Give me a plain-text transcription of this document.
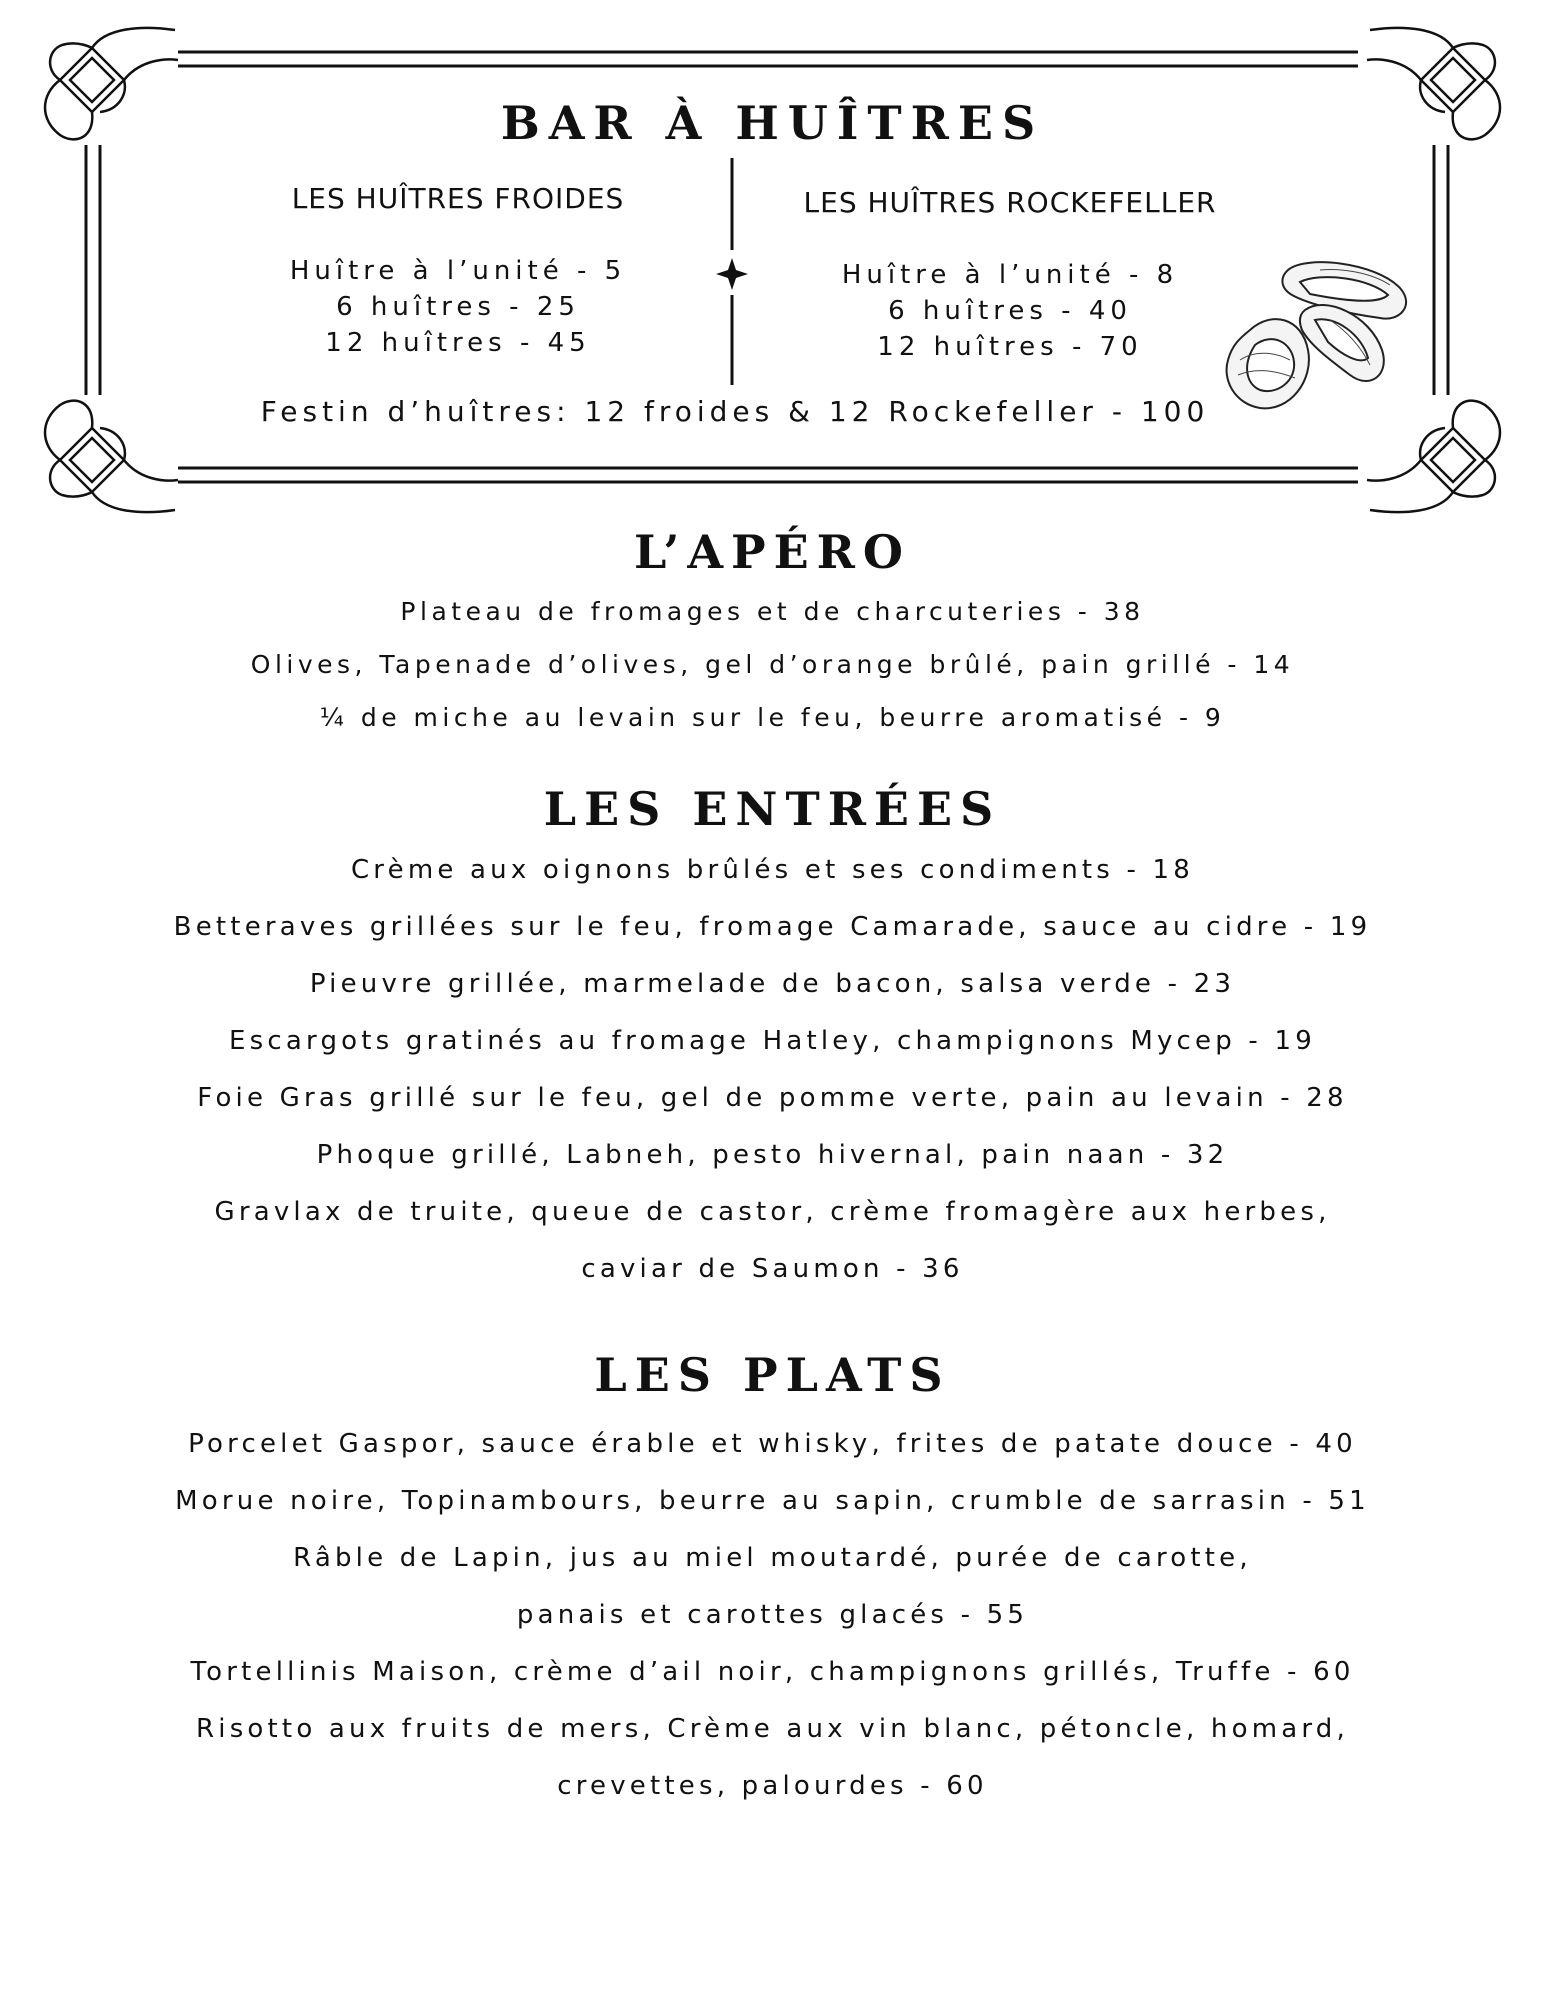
BAR À HUÎTRES
LES HUÎTRES FROIDES
Huître à l’unité - 5
6 huîtres - 25
12 huîtres - 45
LES HUÎTRES ROCKEFELLER
Huître à l’unité - 8
6 huîtres - 40
12 huîtres - 70
Festin d’huîtres: 12 froides & 12 Rockefeller - 100
L’APÉRO
Plateau de fromages et de charcuteries - 38
Olives, Tapenade d’olives, gel d’orange brûlé, pain grillé - 14
¼ de miche au levain sur le feu, beurre aromatisé - 9
LES ENTRÉES
Crème aux oignons brûlés et ses condiments - 18
Betteraves grillées sur le feu, fromage Camarade, sauce au cidre - 19
Pieuvre grillée, marmelade de bacon, salsa verde - 23
Escargots gratinés au fromage Hatley, champignons Mycep - 19
Foie Gras grillé sur le feu, gel de pomme verte, pain au levain - 28
Phoque grillé, Labneh, pesto hivernal, pain naan - 32
Gravlax de truite, queue de castor, crème fromagère aux herbes,
caviar de Saumon - 36
LES PLATS
Porcelet Gaspor, sauce érable et whisky, frites de patate douce - 40
Morue noire, Topinambours, beurre au sapin, crumble de sarrasin - 51
Râble de Lapin, jus au miel moutardé, purée de carotte,
panais et carottes glacés - 55
Tortellinis Maison, crème d’ail noir, champignons grillés, Truffe - 60
Risotto aux fruits de mers, Crème aux vin blanc, pétoncle, homard,
crevettes, palourdes - 60
